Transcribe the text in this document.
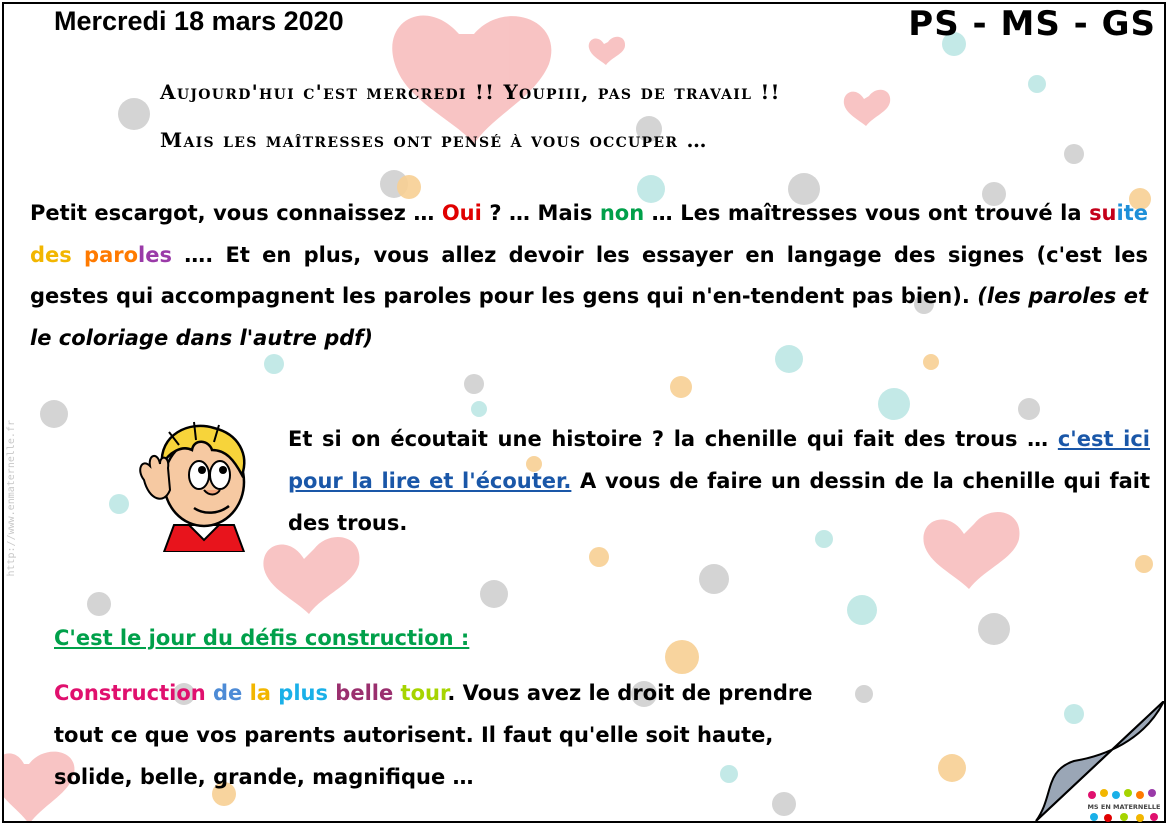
http://www.enmaternelle.fr
Mercredi 18 mars 2020	PS - MS - GS
Aujourd'hui c'est mercredi !! Youpiii, pas de travail !!
Mais les maîtresses ont pensé à vous occuper …
Petit escargot, vous connaissez … Oui ? … Mais non … Les maîtresses vous ont trouvé la suite des paroles …. Et en plus, vous allez devoir les essayer en langage des signes (c'est les gestes qui accompagnent les paroles pour les gens qui n'en-tendent pas bien). (les paroles et le coloriage dans l'autre pdf)
Et si on écoutait une histoire ? la chenille qui fait des trous … c'est ici pour la lire et l'écouter. A vous de faire un dessin de la chenille qui fait des trous.
C'est le jour du défis construction :
Construction de la plus belle tour. Vous avez le droit de prendre
tout ce que vos parents autorisent. Il faut qu'elle soit haute,
solide, belle, grande, magnifique …
MS EN MATERNELLE
